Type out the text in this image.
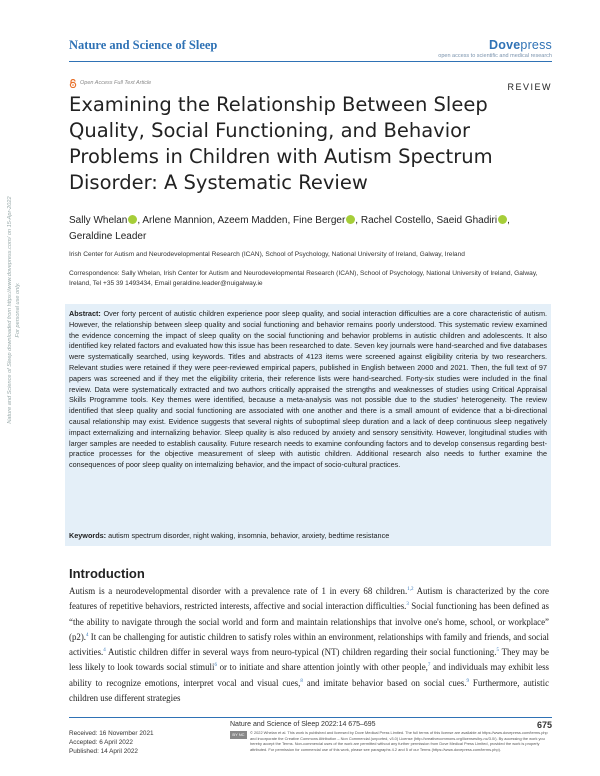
Nature and Science of Sleep	Dovepress
open access to scientific and medical research
Open Access Full Text Article	REVIEW
Examining the Relationship Between Sleep
Quality, Social Functioning, and Behavior
Problems in Children with Autism Spectrum
Disorder: A Systematic Review
Sally Whelan , Arlene Mannion, Azeem Madden, Fine Berger , Rachel Costello, Saeid Ghadiri , Geraldine Leader
Irish Center for Autism and Neurodevelopmental Research (ICAN), School of Psychology, National University of Ireland, Galway, Ireland
Correspondence: Sally Whelan, Irish Center for Autism and Neurodevelopmental Research (ICAN), School of Psychology, National University of Ireland, Galway, Ireland, Tel +35 39 1493434, Email geraldine.leader@nuigalway.ie
Abstract: Over forty percent of autistic children experience poor sleep quality, and social interaction difficulties are a core characteristic of autism. However, the relationship between sleep quality and social functioning and behavior remains poorly understood. This systematic review examined the evidence concerning the impact of sleep quality on the social functioning and behavior problems in autistic children and adolescents. It also identified key related factors and evaluated how this issue has been researched to date. Seven key journals were hand-searched and five databases were systematically searched, using keywords. Titles and abstracts of 4123 items were screened against eligibility criteria by two researchers. Relevant studies were retained if they were peer-reviewed empirical papers, published in English between 2000 and 2021. Then, the full text of 97 papers was screened and if they met the eligibility criteria, their reference lists were hand-searched. Forty-six studies were included in the final review. Data were systematically extracted and two authors critically appraised the strengths and weaknesses of studies using Critical Appraisal Skills Programme tools. Key themes were identified, because a meta-analysis was not possible due to the studies' heterogeneity. The review identified that sleep quality and social functioning are associated with one another and there is a small amount of evidence that a bi-directional causal relationship may exist. Evidence suggests that several nights of suboptimal sleep duration and a lack of deep continuous sleep negatively impact externalizing and internalizing behavior. Sleep quality is also reduced by anxiety and sensory sensitivity. However, longitudinal studies with larger samples are needed to establish causality. Future research needs to examine confounding factors and to develop consensus regarding best-practice processes for the objective measurement of sleep with autistic children. Additional research also needs to further examine the consequences of poor sleep quality on internalizing behavior, and the impact of socio-cultural practices.
Keywords: autism spectrum disorder, night waking, insomnia, behavior, anxiety, bedtime resistance
Introduction
Autism is a neurodevelopmental disorder with a prevalence rate of 1 in every 68 children.$^{1,2}$ Autism is characterized by the core features of repetitive behaviors, restricted interests, affective and social interaction difficulties.$^3$ Social functioning has been defined as “the ability to navigate through the social world and form and maintain relationships that involve one's home, school, or workplace” (p2).$^4$ It can be challenging for autistic children to satisfy roles within an environment, relationships with family and friends, and social activities.$^4$ Autistic children differ in several ways from neuro-typical (NT) children regarding their social functioning.$^5$ They may be less likely to look towards social stimuli$^6$ or to initiate and share attention jointly with other people,$^7$ and individuals may exhibit less ability to recognize emotions, interpret vocal and visual cues,$^8$ and imitate behavior based on social cues.$^9$ Furthermore, autistic children use different strategies
Nature and Science of Sleep downloaded from https://www.dovepress.com/ on 15-Apr-2022 For personal use only.
Received: 16 November 2021
Accepted: 6 April 2022
Published: 14 April 2022
Nature and Science of Sleep 2022:14 675–695	675
BY NC	© 2022 Whelan et al. This work is published and licensed by Dove Medical Press Limited. The full terms of this license are available at https://www.dovepress.com/terms.php and incorporate the Creative Commons Attribution – Non Commercial (unported, v3.0) License (http://creativecommons.org/licenses/by-nc/3.0/). By accessing the work you hereby accept the Terms. Non-commercial uses of the work are permitted without any further permission from Dove Medical Press Limited, provided the work is properly attributed. For permission for commercial use of this work, please see paragraphs 4.2 and 5 of our Terms (https://www.dovepress.com/terms.php).
